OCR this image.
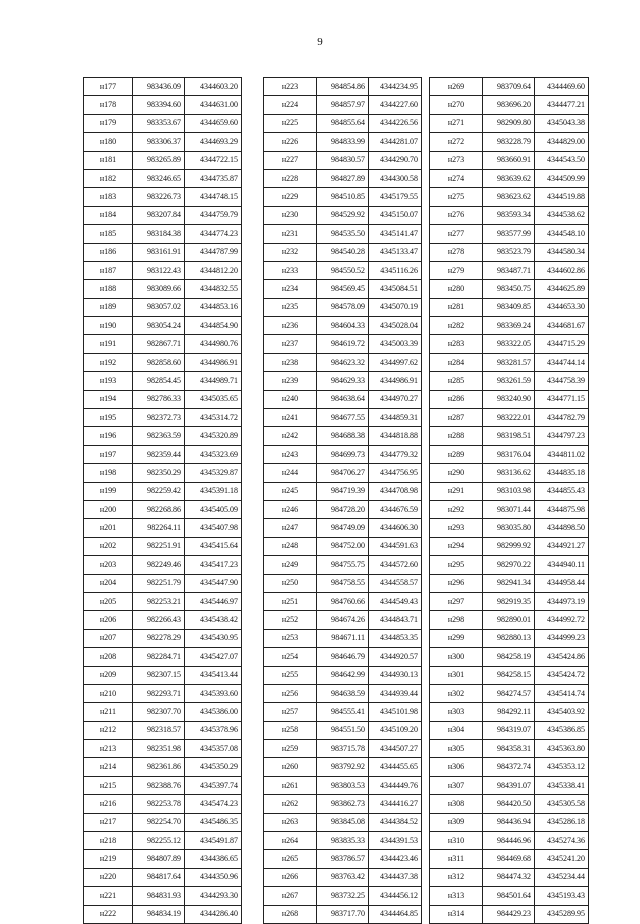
9
н177	983436.09	4344603.20
н178	983394.60	4344631.00
н179	983353.67	4344659.60
н180	983306.37	4344693.29
н181	983265.89	4344722.15
н182	983246.65	4344735.87
н183	983226.73	4344748.15
н184	983207.84	4344759.79
н185	983184.38	4344774.23
н186	983161.91	4344787.99
н187	983122.43	4344812.20
н188	983089.66	4344832.55
н189	983057.02	4344853.16
н190	983054.24	4344854.90
н191	982867.71	4344980.76
н192	982858.60	4344986.91
н193	982854.45	4344989.71
н194	982786.33	4345035.65
н195	982372.73	4345314.72
н196	982363.59	4345320.89
н197	982359.44	4345323.69
н198	982350.29	4345329.87
н199	982259.42	4345391.18
н200	982268.86	4345405.09
н201	982264.11	4345407.98
н202	982251.91	4345415.64
н203	982249.46	4345417.23
н204	982251.79	4345447.90
н205	982253.21	4345446.97
н206	982266.43	4345438.42
н207	982278.29	4345430.95
н208	982284.71	4345427.07
н209	982307.15	4345413.44
н210	982293.71	4345393.60
н211	982307.70	4345386.00
н212	982318.57	4345378.96
н213	982351.98	4345357.08
н214	982361.86	4345350.29
н215	982388.76	4345397.74
н216	982253.78	4345474.23
н217	982254.70	4345486.35
н218	982255.12	4345491.87
н219	984807.89	4344386.65
н220	984817.64	4344350.96
н221	984831.93	4344293.30
н222	984834.19	4344286.40
н223	984854.86	4344234.95
н224	984857.97	4344227.60
н225	984855.64	4344226.56
н226	984833.99	4344281.07
н227	984830.57	4344290.70
н228	984827.89	4344300.58
н229	984510.85	4345179.55
н230	984529.92	4345150.07
н231	984535.50	4345141.47
н232	984540.28	4345133.47
н233	984550.52	4345116.26
н234	984569.45	4345084.51
н235	984578.09	4345070.19
н236	984604.33	4345028.04
н237	984619.72	4345003.39
н238	984623.32	4344997.62
н239	984629.33	4344986.91
н240	984638.64	4344970.27
н241	984677.55	4344859.31
н242	984688.38	4344818.88
н243	984699.73	4344779.32
н244	984706.27	4344756.95
н245	984719.39	4344708.98
н246	984728.20	4344676.59
н247	984749.09	4344606.30
н248	984752.00	4344591.63
н249	984755.75	4344572.60
н250	984758.55	4344558.57
н251	984760.66	4344549.43
н252	984674.26	4344843.71
н253	984671.11	4344853.35
н254	984646.79	4344920.57
н255	984642.99	4344930.13
н256	984638.59	4344939.44
н257	984555.41	4345101.98
н258	984551.50	4345109.20
н259	983715.78	4344507.27
н260	983792.92	4344455.65
н261	983803.53	4344449.76
н262	983862.73	4344416.27
н263	983845.08	4344384.52
н264	983835.33	4344391.53
н265	983786.57	4344423.46
н266	983763.42	4344437.38
н267	983732.25	4344456.12
н268	983717.70	4344464.85
н269	983709.64	4344469.60
н270	983696.20	4344477.21
н271	982909.80	4345043.38
н272	983228.79	4344829.00
н273	983660.91	4344543.50
н274	983639.62	4344509.99
н275	983623.62	4344519.88
н276	983593.34	4344538.62
н277	983577.99	4344548.10
н278	983523.79	4344580.34
н279	983487.71	4344602.86
н280	983450.75	4344625.89
н281	983409.85	4344653.30
н282	983369.24	4344681.67
н283	983322.05	4344715.29
н284	983281.57	4344744.14
н285	983261.59	4344758.39
н286	983240.90	4344771.15
н287	983222.01	4344782.79
н288	983198.51	4344797.23
н289	983176.04	4344811.02
н290	983136.62	4344835.18
н291	983103.98	4344855.43
н292	983071.44	4344875.98
н293	983035.80	4344898.50
н294	982999.92	4344921.27
н295	982970.22	4344940.11
н296	982941.34	4344958.44
н297	982919.35	4344973.19
н298	982890.01	4344992.72
н299	982880.13	4344999.23
н300	984258.19	4345424.86
н301	984258.15	4345424.72
н302	984274.57	4345414.74
н303	984292.11	4345403.92
н304	984319.07	4345386.85
н305	984358.31	4345363.80
н306	984372.74	4345353.12
н307	984391.07	4345338.41
н308	984420.50	4345305.58
н309	984436.94	4345286.18
н310	984446.96	4345274.36
н311	984469.68	4345241.20
н312	984474.32	4345234.44
н313	984501.64	4345193.43
н314	984429.23	4345289.95
